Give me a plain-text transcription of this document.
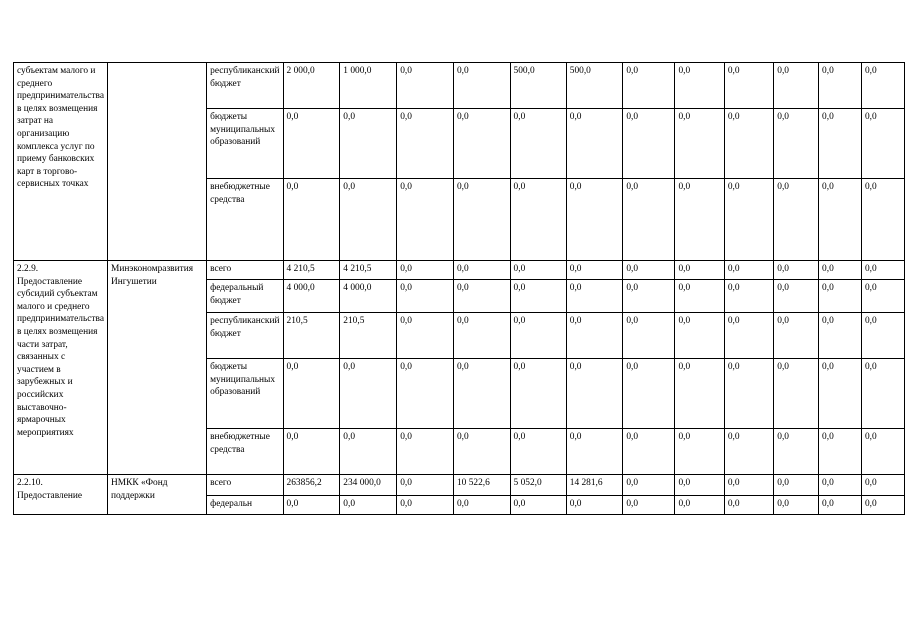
субъектам малого и среднего предпринимательства в целях возмещения затрат на организацию комплекса услуг по приему банковских карт в торгово-сервисных точках		республиканский бюджет	2 000,0	1 000,0	0,0	0,0	500,0	500,0	0,0	0,0	0,0	0,0	0,0	0,0
		бюджеты муниципальных образований	0,0	0,0	0,0	0,0	0,0	0,0	0,0	0,0	0,0	0,0	0,0	0,0
		внебюджетные средства	0,0	0,0	0,0	0,0	0,0	0,0	0,0	0,0	0,0	0,0	0,0	0,0
2.2.9. Предоставление субсидий субъектам малого и среднего предпринимательства в целях возмещения части затрат, связанных с участием в зарубежных и российских выставочно-ярмарочных мероприятиях	Минэкономразвития Ингушетии	всего	4 210,5	4 210,5	0,0	0,0	0,0	0,0	0,0	0,0	0,0	0,0	0,0	0,0
		федеральный бюджет	4 000,0	4 000,0	0,0	0,0	0,0	0,0	0,0	0,0	0,0	0,0	0,0	0,0
		республиканский бюджет	210,5	210,5	0,0	0,0	0,0	0,0	0,0	0,0	0,0	0,0	0,0	0,0
		бюджеты муниципальных образований	0,0	0,0	0,0	0,0	0,0	0,0	0,0	0,0	0,0	0,0	0,0	0,0
		внебюджетные средства	0,0	0,0	0,0	0,0	0,0	0,0	0,0	0,0	0,0	0,0	0,0	0,0
2.2.10. Предоставление	НМКК «Фонд поддержки	всего	263856,2	234 000,0	0,0	10 522,6	5 052,0	14 281,6	0,0	0,0	0,0	0,0	0,0	0,0
		федеральн	0,0	0,0	0,0	0,0	0,0	0,0	0,0	0,0	0,0	0,0	0,0	0,0
